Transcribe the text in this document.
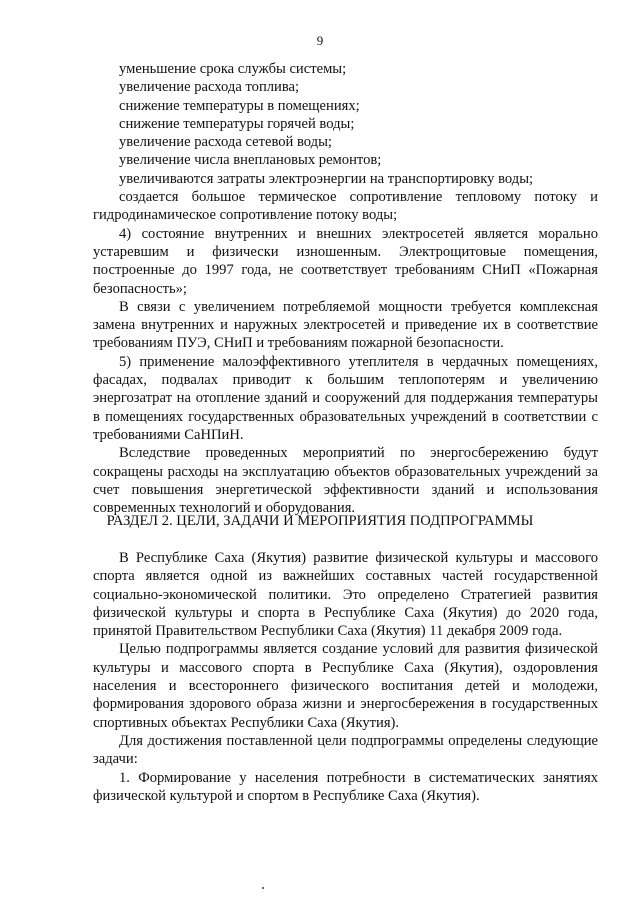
9
уменьшение срока службы системы;
увеличение расхода топлива;
снижение температуры в помещениях;
снижение температуры горячей воды;
увеличение расхода сетевой воды;
увеличение числа внеплановых ремонтов;
увеличиваются затраты электроэнергии на транспортировку воды;

создается большое термическое сопротивление тепловому потоку и гидродинамическое сопротивление потоку воды;

4) состояние внутренних и внешних электросетей является морально устаревшим и физически изношенным. Электрощитовые помещения, построенные до 1997 года, не соответствует требованиям СНиП «Пожарная безопасность»;

В связи с увеличением потребляемой мощности требуется комплексная замена внутренних и наружных электросетей и приведение их в соответствие требованиям ПУЭ, СНиП и требованиям пожарной безопасности.

5) применение малоэффективного утеплителя в чердачных помещениях, фасадах, подвалах приводит к большим теплопотерям и увеличению энергозатрат на отопление зданий и сооружений для поддержания температуры в помещениях государственных образовательных учреждений в соответствии с требованиями СаНПиН.

Вследствие проведенных мероприятий по энергосбережению будут сокращены расходы на эксплуатацию объектов образовательных учреждений за счет повышения энергетической эффективности зданий и использования современных технологий и оборудования.

РАЗДЕЛ 2. ЦЕЛИ, ЗАДАЧИ И МЕРОПРИЯТИЯ ПОДПРОГРАММЫ

В Республике Саха (Якутия) развитие физической культуры и массового спорта является одной из важнейших составных частей государственной социально-экономической политики. Это определено Стратегией развития физической культуры и спорта в Республике Саха (Якутия) до 2020 года, принятой Правительством Республики Саха (Якутия) 11 декабря 2009 года.

Целью подпрограммы является создание условий для развития физической культуры и массового спорта в Республике Саха (Якутия), оздоровления населения и всестороннего физического воспитания детей и молодежи, формирования здорового образа жизни и энергосбережения в государственных спортивных объектах Республики Саха (Якутия).

Для достижения поставленной цели подпрограммы определены следующие задачи:

1. Формирование у населения потребности в систематических занятиях физической культурой и спортом в Республике Саха (Якутия).
